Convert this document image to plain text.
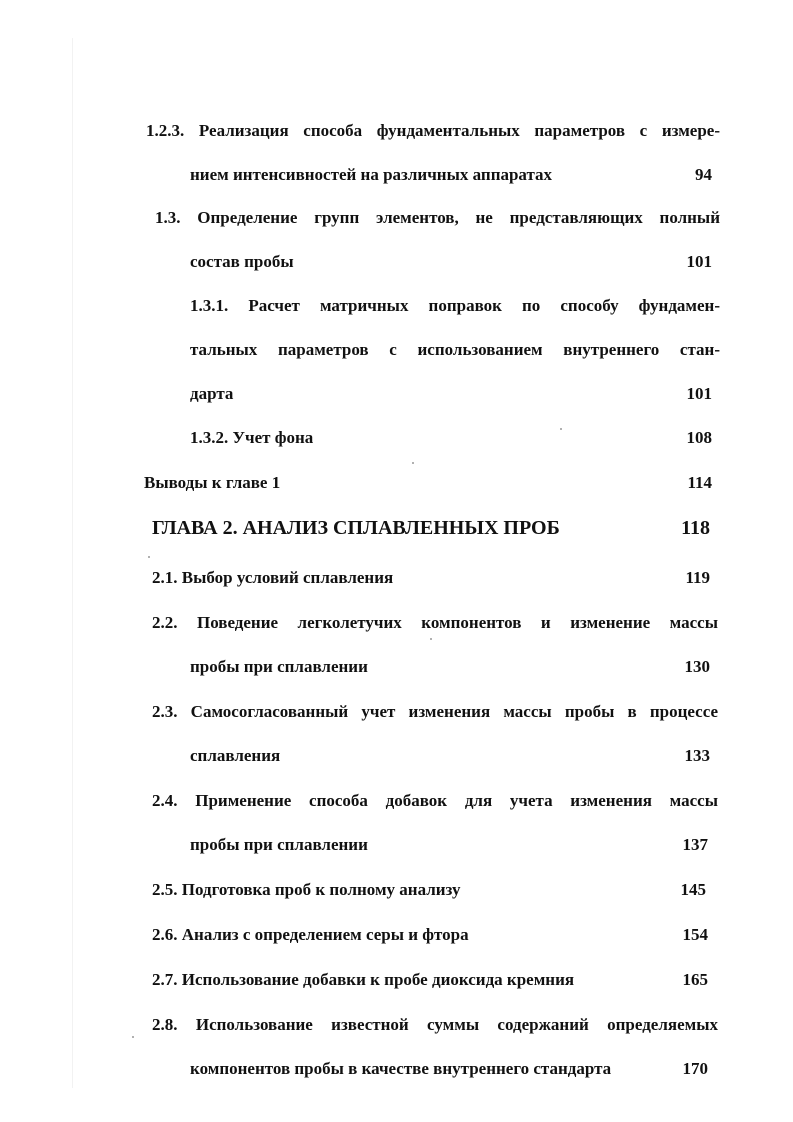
1.2.3. Реализация способа фундаментальных параметров с измере-
нием интенсивностей на различных аппаратах	94
1.3. Определение групп элементов, не представляющих полный
состав пробы	101
1.3.1. Расчет матричных поправок по способу фундамен-
тальных параметров с использованием внутреннего стан-
дарта	101
1.3.2. Учет фона	108
Выводы к главе 1	114
ГЛАВА 2. АНАЛИЗ СПЛАВЛЕННЫХ ПРОБ	118
2.1. Выбор условий сплавления	119
2.2. Поведение легколетучих компонентов и изменение массы
пробы при сплавлении	130
2.3. Самосогласованный учет изменения массы пробы в процессе
сплавления	133
2.4. Применение способа добавок для учета изменения массы
пробы при сплавлении	137
2.5. Подготовка проб к полному анализу	145
2.6. Анализ с определением серы и фтора	154
2.7. Использование добавки к пробе диоксида кремния	165
2.8. Использование известной суммы содержаний определяемых
компонентов пробы в качестве внутреннего стандарта	170
